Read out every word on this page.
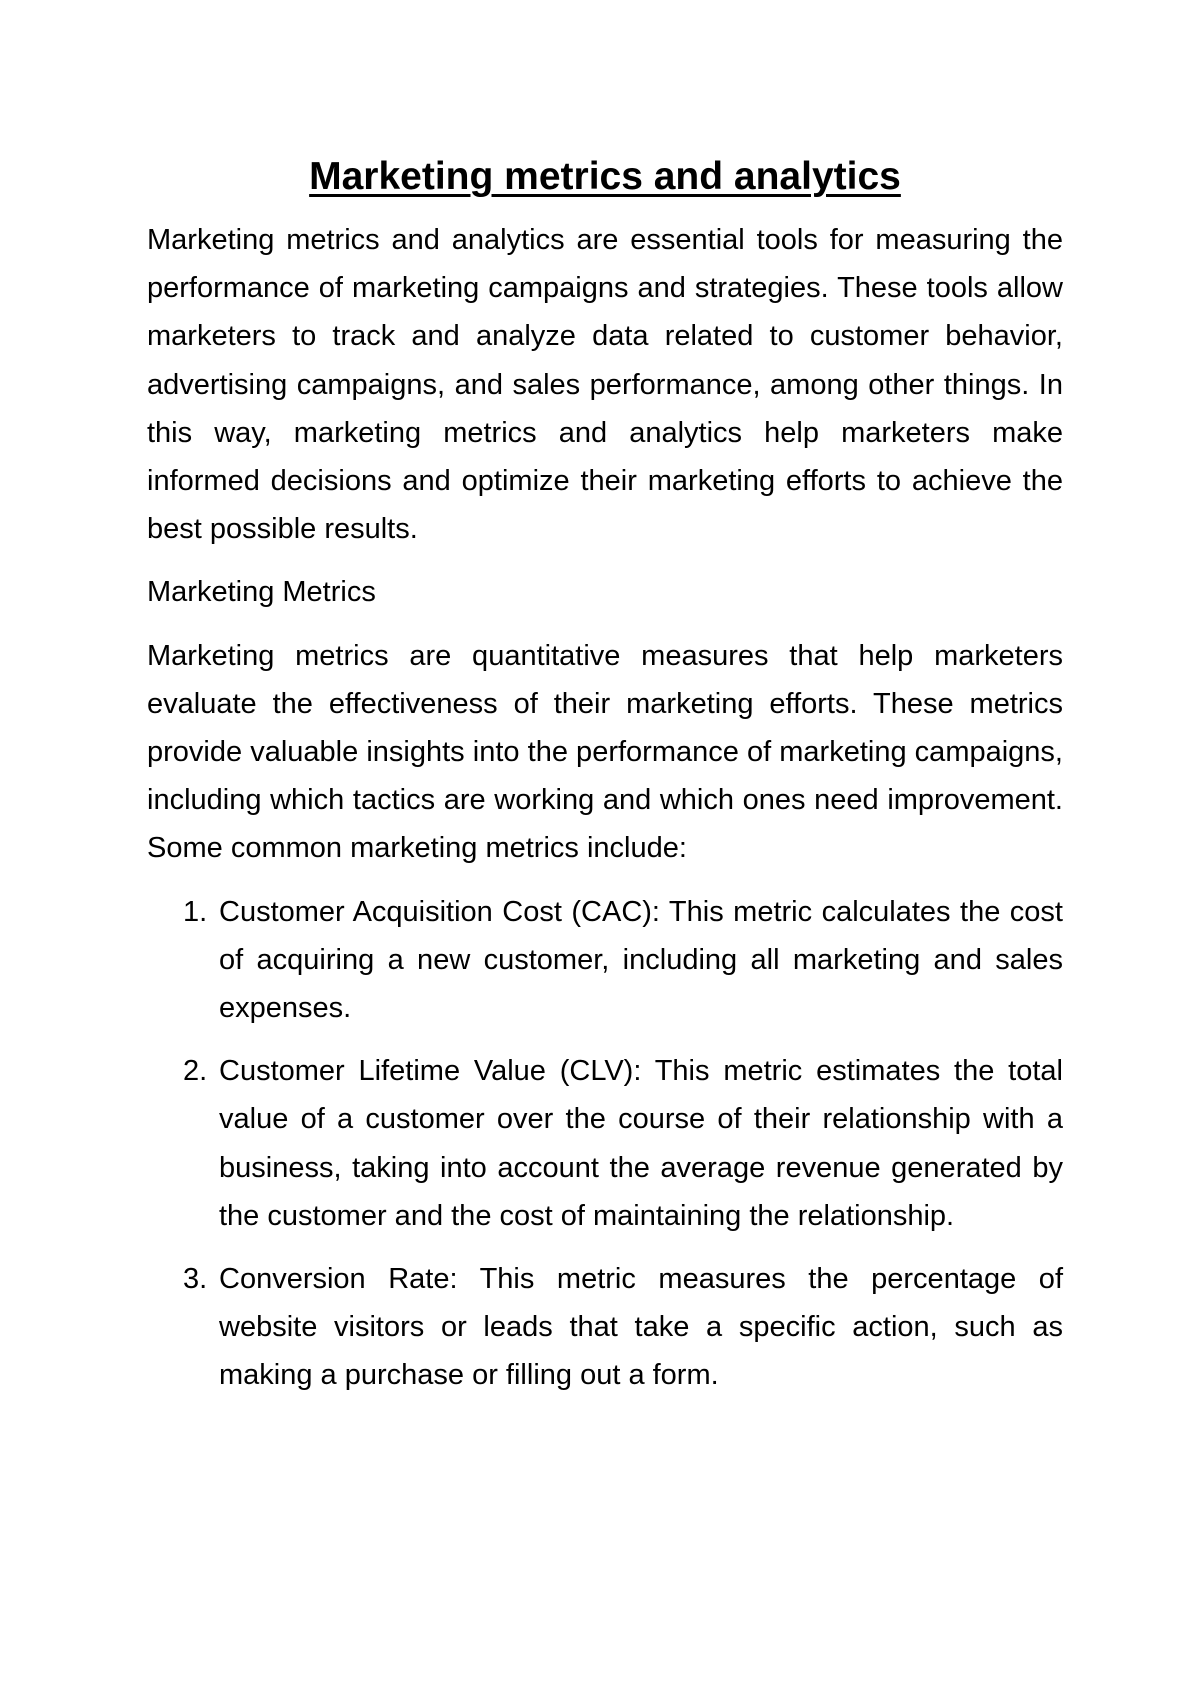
Marketing metrics and analytics

Marketing metrics and analytics are essential tools for measuring the performance of marketing campaigns and strategies. These tools allow marketers to track and analyze data related to customer behavior, advertising campaigns, and sales performance, among other things. In this way, marketing metrics and analytics help marketers make informed decisions and optimize their marketing efforts to achieve the best possible results.

Marketing Metrics

Marketing metrics are quantitative measures that help marketers evaluate the effectiveness of their marketing efforts. These metrics provide valuable insights into the performance of marketing campaigns, including which tactics are working and which ones need improvement. Some common marketing metrics include:

1. Customer Acquisition Cost (CAC): This metric calculates the cost of acquiring a new customer, including all marketing and sales expenses.
2. Customer Lifetime Value (CLV): This metric estimates the total value of a customer over the course of their relationship with a business, taking into account the average revenue generated by the customer and the cost of maintaining the relationship.
3. Conversion Rate: This metric measures the percentage of website visitors or leads that take a specific action, such as making a purchase or filling out a form.
